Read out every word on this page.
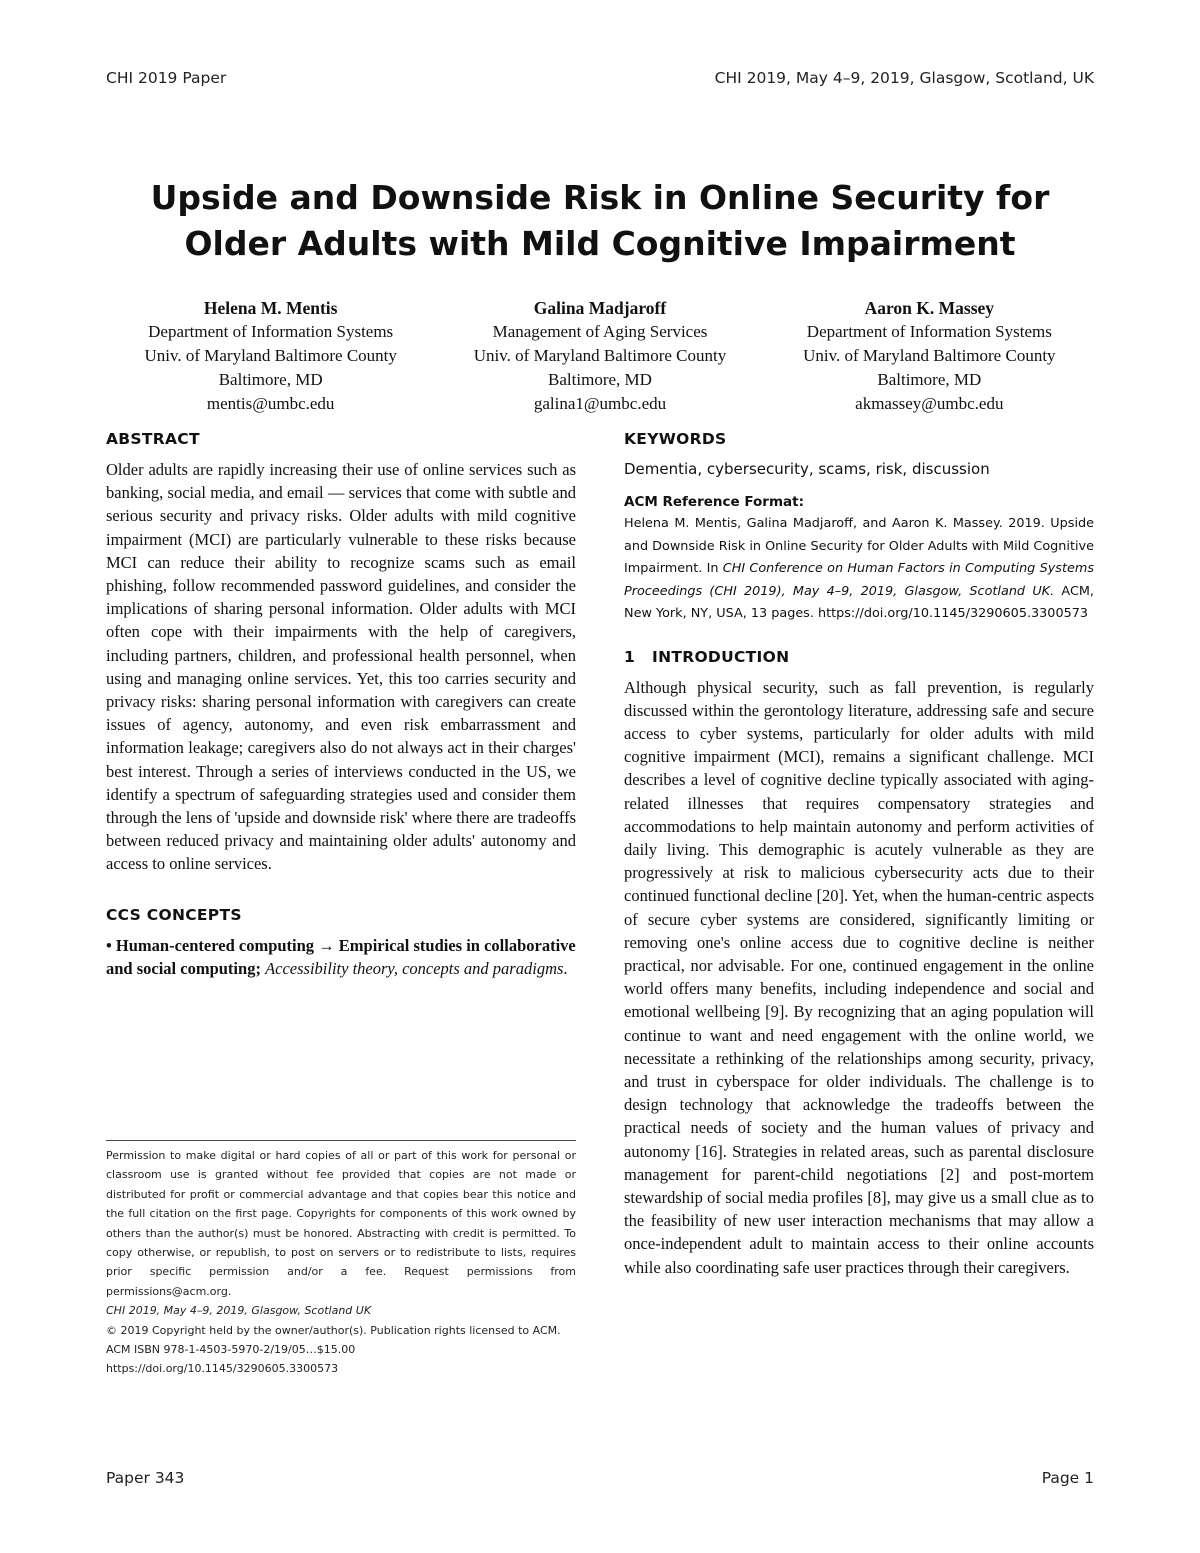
CHI 2019 Paper	CHI 2019, May 4–9, 2019, Glasgow, Scotland, UK
Upside and Downside Risk in Online Security for
Older Adults with Mild Cognitive Impairment
Helena M. Mentis
Department of Information Systems
Univ. of Maryland Baltimore County
Baltimore, MD
mentis@umbc.edu
Galina Madjaroff
Management of Aging Services
Univ. of Maryland Baltimore County
Baltimore, MD
galina1@umbc.edu
Aaron K. Massey
Department of Information Systems
Univ. of Maryland Baltimore County
Baltimore, MD
akmassey@umbc.edu
ABSTRACT

Older adults are rapidly increasing their use of online services such as banking, social media, and email — services that come with subtle and serious security and privacy risks. Older adults with mild cognitive impairment (MCI) are particularly vulnerable to these risks because MCI can reduce their ability to recognize scams such as email phishing, follow recommended password guidelines, and consider the implications of sharing personal information. Older adults with MCI often cope with their impairments with the help of caregivers, including partners, children, and professional health personnel, when using and managing online services. Yet, this too carries security and privacy risks: sharing personal information with caregivers can create issues of agency, autonomy, and even risk embarrassment and information leakage; caregivers also do not always act in their charges' best interest. Through a series of interviews conducted in the US, we identify a spectrum of safeguarding strategies used and consider them through the lens of 'upside and downside risk' where there are tradeoffs between reduced privacy and maintaining older adults' autonomy and access to online services.

CCS CONCEPTS

• Human-centered computing → Empirical studies in collaborative and social computing; Accessibility theory, concepts and paradigms.

Permission to make digital or hard copies of all or part of this work for personal or classroom use is granted without fee provided that copies are not made or distributed for profit or commercial advantage and that copies bear this notice and the full citation on the first page. Copyrights for components of this work owned by others than the author(s) must be honored. Abstracting with credit is permitted. To copy otherwise, or republish, to post on servers or to redistribute to lists, requires prior specific permission and/or a fee. Request permissions from permissions@acm.org.

CHI 2019, May 4–9, 2019, Glasgow, Scotland UK

© 2019 Copyright held by the owner/author(s). Publication rights licensed to ACM.

ACM ISBN 978-1-4503-5970-2/19/05…$15.00

https://doi.org/10.1145/3290605.3300573

KEYWORDS

Dementia, cybersecurity, scams, risk, discussion

ACM Reference Format:

Helena M. Mentis, Galina Madjaroff, and Aaron K. Massey. 2019. Upside and Downside Risk in Online Security for Older Adults with Mild Cognitive Impairment. In CHI Conference on Human Factors in Computing Systems Proceedings (CHI 2019), May 4–9, 2019, Glasgow, Scotland UK. ACM, New York, NY, USA, 13 pages. https://doi.org/10.1145/3290605.3300573

1 INTRODUCTION

Although physical security, such as fall prevention, is regularly discussed within the gerontology literature, addressing safe and secure access to cyber systems, particularly for older adults with mild cognitive impairment (MCI), remains a significant challenge. MCI describes a level of cognitive decline typically associated with aging-related illnesses that requires compensatory strategies and accommodations to help maintain autonomy and perform activities of daily living. This demographic is acutely vulnerable as they are progressively at risk to malicious cybersecurity acts due to their continued functional decline [20]. Yet, when the human-centric aspects of secure cyber systems are considered, significantly limiting or removing one's online access due to cognitive decline is neither practical, nor advisable. For one, continued engagement in the online world offers many benefits, including independence and social and emotional wellbeing [9]. By recognizing that an aging population will continue to want and need engagement with the online world, we necessitate a rethinking of the relationships among security, privacy, and trust in cyberspace for older individuals. The challenge is to design technology that acknowledge the tradeoffs between the practical needs of society and the human values of privacy and autonomy [16]. Strategies in related areas, such as parental disclosure management for parent-child negotiations [2] and post-mortem stewardship of social media profiles [8], may give us a small clue as to the feasibility of new user interaction mechanisms that may allow a once-independent adult to maintain access to their online accounts while also coordinating safe user practices through their caregivers.

Paper 343	Page 1
